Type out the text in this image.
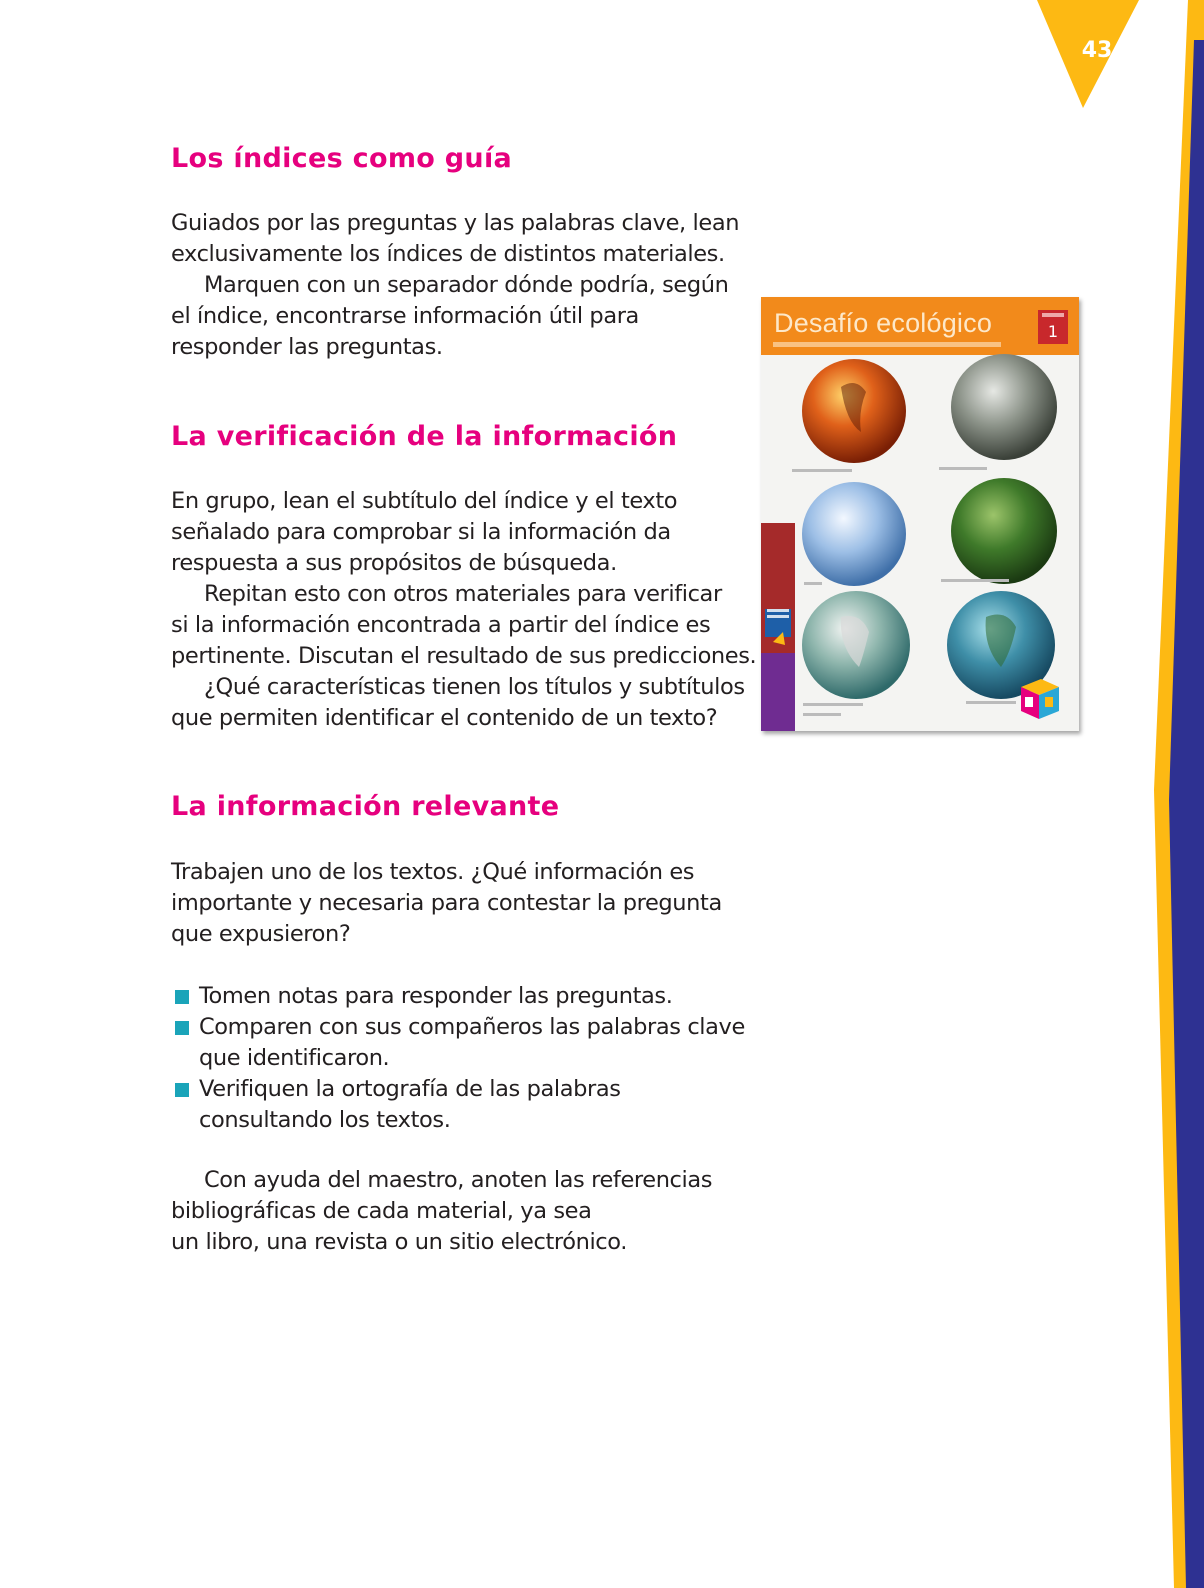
43
Los índices como guía

Guiados por las preguntas y las palabras clave, lean
exclusivamente los índices de distintos materiales.
Marquen con un separador dónde podría, según
el índice, encontrarse información útil para
responder las preguntas.

La verificación de la información

En grupo, lean el subtítulo del índice y el texto
señalado para comprobar si la información da
respuesta a sus propósitos de búsqueda.
Repitan esto con otros materiales para verificar
si la información encontrada a partir del índice es
pertinente. Discutan el resultado de sus predicciones.
¿Qué características tienen los títulos y subtítulos
que permiten identificar el contenido de un texto?

La información relevante

Trabajen uno de los textos. ¿Qué información es
importante y necesaria para contestar la pregunta
que expusieron?

Tomen notas para responder las preguntas.
Comparen con sus compañeros las palabras clave
que identificaron.
Verifiquen la ortografía de las palabras
consultando los textos.

Con ayuda del maestro, anoten las referencias
bibliográficas de cada material, ya sea
un libro, una revista o un sitio electrónico.

Desafío ecológico	1
